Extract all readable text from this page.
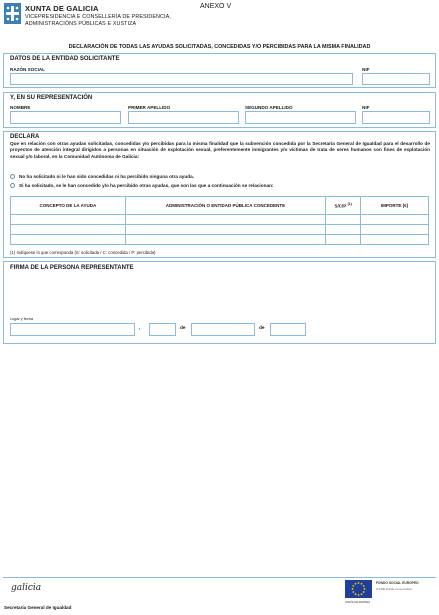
XUNTA DE GALICIA
VICEPRESIDENCIA E CONSELLERÍA DE PRESIDENCIA,
ADMINISTRACIÓNS PÚBLICAS E XUSTIZA
ANEXO V
DECLARACIÓN DE TODAS LAS AYUDAS SOLICITADAS, CONCEDIDAS Y/O PERCIBIDAS PARA LA MISMA FINALIDAD
DATOS DE LA ENTIDAD SOLICITANTE
RAZÓN SOCIAL	NIF
Y, EN SU REPRESENTACIÓN
NOMBRE	PRIMER APELLIDO	SEGUNDO APELLIDO	NIF
DECLARA
Que en relación con otras ayudas solicitadas, concedidas y/o percibidas para la misma finalidad que la subvención concedida por la Secretaría General de Igualdad para el desarrollo de proyectos de atención integral dirigidos a personas en situación de explotación sexual, preferentemente inmigrantes y/o víctimas de trata de seres humanos con fines de explotación sexual y/o laboral, en la Comunidad Autónoma de Galicia:
No ha solicitado ni le han sido concedidas ni ha percibido ninguna otra ayuda.
Sí ha solicitado, se le han concedido y/o ha percibido otras ayudas, que son las que a continuación se relacionan:
CONCEPTO DE LA AYUDA	ADMINISTRACIÓN O ENTIDAD PÚBLICA CONCEDENTE	S/C/P $^{(1)}$	IMPORTE (€)

(1) Indíquese lo que corresponda (S: solicitada / C: concedida / P: percibida)
FIRMA DE LA PERSONA REPRESENTANTE
Lugar y fecha
,	de	de
galicia	FONDO SOCIAL EUROPEO
O FSE inviste no teu futuro
UNIÓN EUROPEA
Secretaría General de Igualdad
